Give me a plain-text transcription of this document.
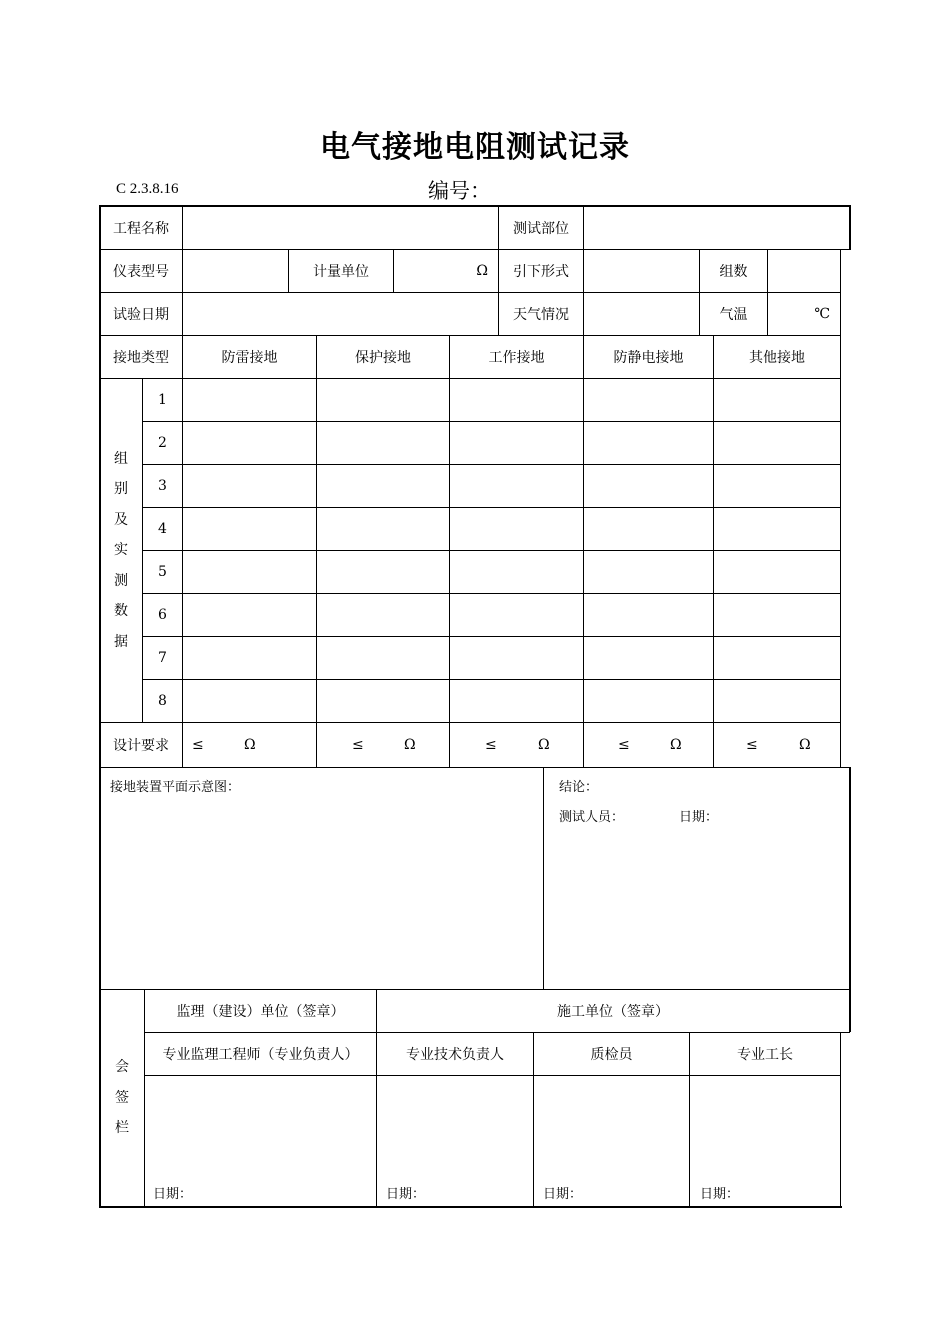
电气接地电阻测试记录
C 2.3.8.16	编号：
工程名称	测试部位
仪表型号	计量单位	Ω	引下形式	组数
试验日期	天气情况	气温	℃
接地类型	防雷接地	保护接地	工作接地	防静电接地	其他接地
组
别
及
实
测
数
据
1
2
3
4
5
6
7
8
设计要求	≤	Ω	≤	Ω	≤	Ω	≤	Ω	≤	Ω
接地装置平面示意图：	结论：
测试人员：	日期：
会
签
栏
监理（建设）单位（签章）	施工单位（签章）
专业监理工程师（专业负责人）	专业技术负责人	质检员	专业工长
日期：	日期：	日期：	日期：
